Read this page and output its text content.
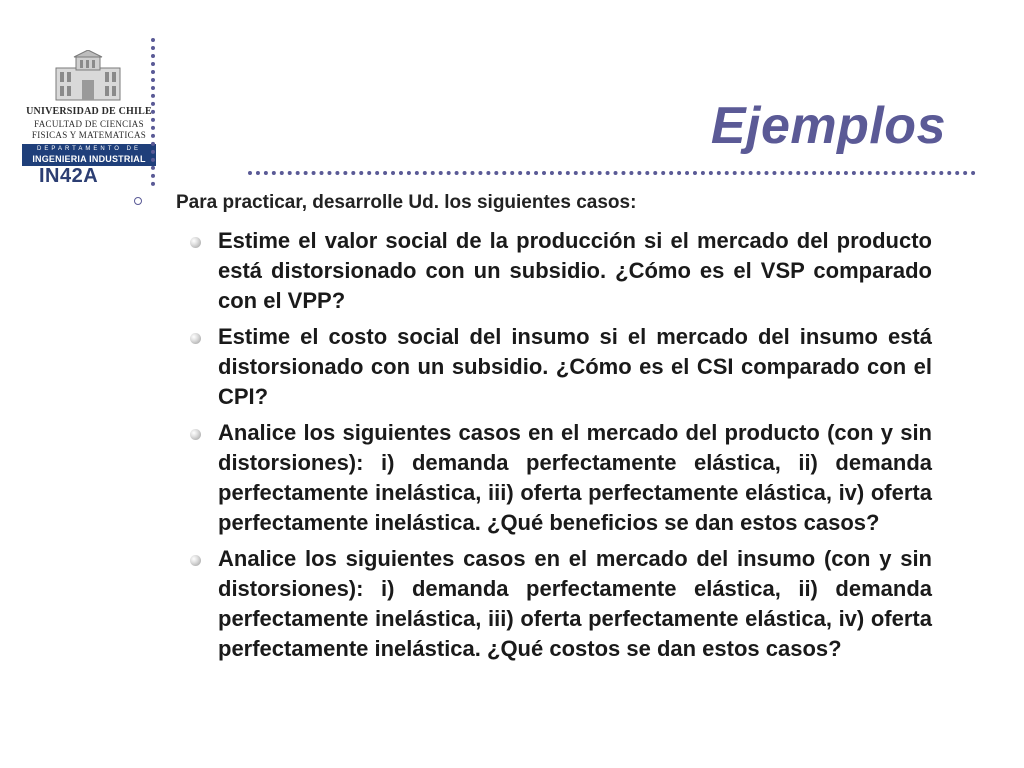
UNIVERSIDAD DE CHILE
FACULTAD DE CIENCIAS
FISICAS Y MATEMATICAS
DEPARTAMENTO DE
INGENIERIA INDUSTRIAL
IN42A
Ejemplos
Para practicar, desarrolle Ud. los siguientes casos:
Estime el valor social de la producción si el mercado del producto está distorsionado con un subsidio. ¿Cómo es el VSP comparado con el VPP?
Estime el costo social del insumo si el mercado del insumo está distorsionado con un subsidio. ¿Cómo es el CSI comparado con el CPI?
Analice los siguientes casos en el mercado del producto (con y sin distorsiones): i) demanda perfectamente elástica, ii) demanda perfectamente inelástica, iii) oferta perfectamente elástica, iv) oferta perfectamente inelástica. ¿Qué beneficios se dan estos casos?
Analice los siguientes casos en el mercado del insumo (con y sin distorsiones): i) demanda perfectamente elástica, ii) demanda perfectamente inelástica, iii) oferta perfectamente elástica, iv) oferta perfectamente inelástica. ¿Qué costos se dan estos casos?
